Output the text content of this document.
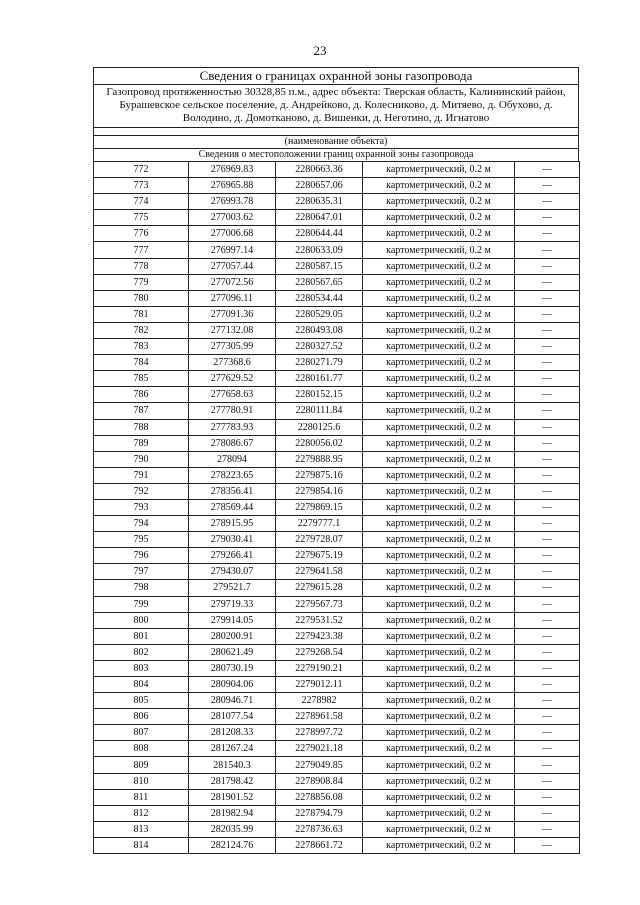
23
Сведения о границах охранной зоны газопровода
Газопровод протяженностью 30328,85 п.м., адрес объекта: Тверская область, Калининский район, Бурашевское сельское поселение, д. Андрейково, д. Колесниково, д. Митяево, д. Обухово, д. Володино, д. Домотканово, д. Вишенки, д. Неготино, д. Игнатово
(наименование объекта)
Сведения о местоположении границ охранной зоны газопровода
772	276969.83	2280663.36	картометрический, 0.2 м	—
773	276965.88	2280657.06	картометрический, 0.2 м	—
774	276993.78	2280635.31	картометрический, 0.2 м	—
775	277003.62	2280647.01	картометрический, 0.2 м	—
776	277006.68	2280644.44	картометрический, 0.2 м	—
777	276997.14	2280633.09	картометрический, 0.2 м	—
778	277057.44	2280587.15	картометрический, 0.2 м	—
779	277072.56	2280567.65	картометрический, 0.2 м	—
780	277096.11	2280534.44	картометрический, 0.2 м	—
781	277091.36	2280529.05	картометрический, 0.2 м	—
782	277132.08	2280493.08	картометрический, 0.2 м	—
783	277305.99	2280327.52	картометрический, 0.2 м	—
784	277368.6	2280271.79	картометрический, 0.2 м	—
785	277629.52	2280161.77	картометрический, 0.2 м	—
786	277658.63	2280152.15	картометрический, 0.2 м	—
787	277780.91	2280111.84	картометрический, 0.2 м	—
788	277783.93	2280125.6	картометрический, 0.2 м	—
789	278086.67	2280056.02	картометрический, 0.2 м	—
790	278094	2279888.95	картометрический, 0.2 м	—
791	278223.65	2279875.16	картометрический, 0.2 м	—
792	278356.41	2279854.16	картометрический, 0.2 м	—
793	278569.44	2279869.15	картометрический, 0.2 м	—
794	278915.95	2279777.1	картометрический, 0.2 м	—
795	279030.41	2279728.07	картометрический, 0.2 м	—
796	279266.41	2279675.19	картометрический, 0.2 м	—
797	279430.07	2279641.58	картометрический, 0.2 м	—
798	279521.7	2279615.28	картометрический, 0.2 м	—
799	279719.33	2279567.73	картометрический, 0.2 м	—
800	279914.05	2279531.52	картометрический, 0.2 м	—
801	280200.91	2279423.38	картометрический, 0.2 м	—
802	280621.49	2279268.54	картометрический, 0.2 м	—
803	280730.19	2279190.21	картометрический, 0.2 м	—
804	280904.06	2279012.11	картометрический, 0.2 м	—
805	280946.71	2278982	картометрический, 0.2 м	—
806	281077.54	2278961.58	картометрический, 0.2 м	—
807	281208.33	2278997.72	картометрический, 0.2 м	—
808	281267.24	2279021.18	картометрический, 0.2 м	—
809	281540.3	2279049.85	картометрический, 0.2 м	—
810	281798.42	2278908.84	картометрический, 0.2 м	—
811	281901.52	2278856.08	картометрический, 0.2 м	—
812	281982.94	2278794.79	картометрический, 0.2 м	—
813	282035.99	2278736.63	картометрический, 0.2 м	—
814	282124.76	2278661.72	картометрический, 0.2 м	—
